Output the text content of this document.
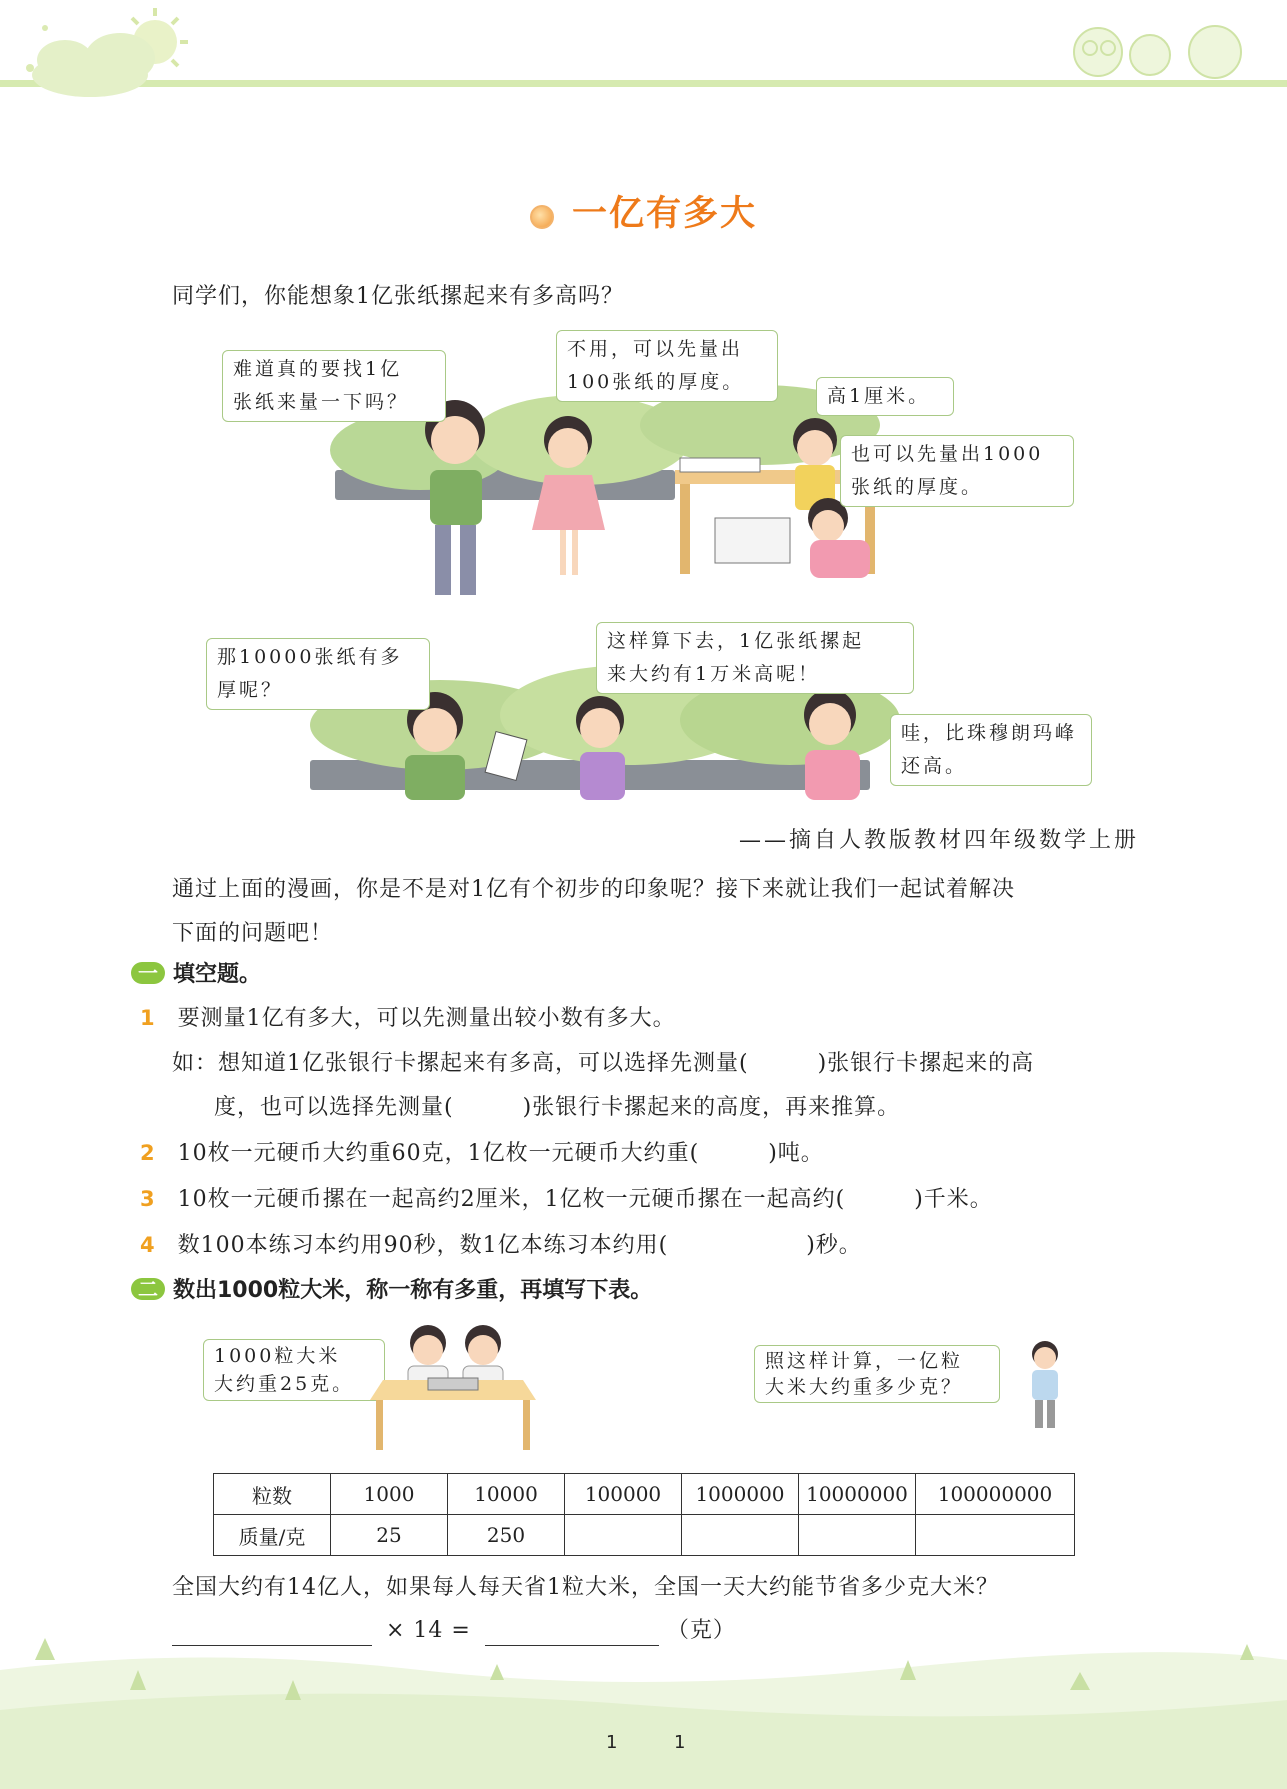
一亿有多大
同学们，你能想象1亿张纸摞起来有多高吗？
难道真的要找1亿
张纸来量一下吗？
不用，可以先量出
100张纸的厚度。
高1厘米。
也可以先量出1000
张纸的厚度。
那10000张纸有多
厚呢？
这样算下去，1亿张纸摞起
来大约有1万米高呢！
哇，比珠穆朗玛峰
还高。
——摘自人教版教材四年级数学上册
通过上面的漫画，你是不是对1亿有个初步的印象呢？接下来就让我们一起试着解决
下面的问题吧！
一 填空题。
1 要测量1亿有多大，可以先测量出较小数有多大。
如：想知道1亿张银行卡摞起来有多高，可以选择先测量(　　　)张银行卡摞起来的高
度，也可以选择先测量(　　　)张银行卡摞起来的高度，再来推算。
2 10枚一元硬币大约重60克，1亿枚一元硬币大约重(　　　)吨。
3 10枚一元硬币摞在一起高约2厘米，1亿枚一元硬币摞在一起高约(　　　)千米。
4 数100本练习本约用90秒，数1亿本练习本约用(　　　　　　)秒。
二 数出1000粒大米，称一称有多重，再填写下表。
1000粒大米
大约重25克。
照这样计算，一亿粒
大米大约重多少克？
粒数	1000	10000	100000	1000000	10000000	100000000
质量/克	25	250				
全国大约有14亿人，如果每人每天省1粒大米，全国一天大约能节省多少克大米？
× 14 =	（克）
1	1
